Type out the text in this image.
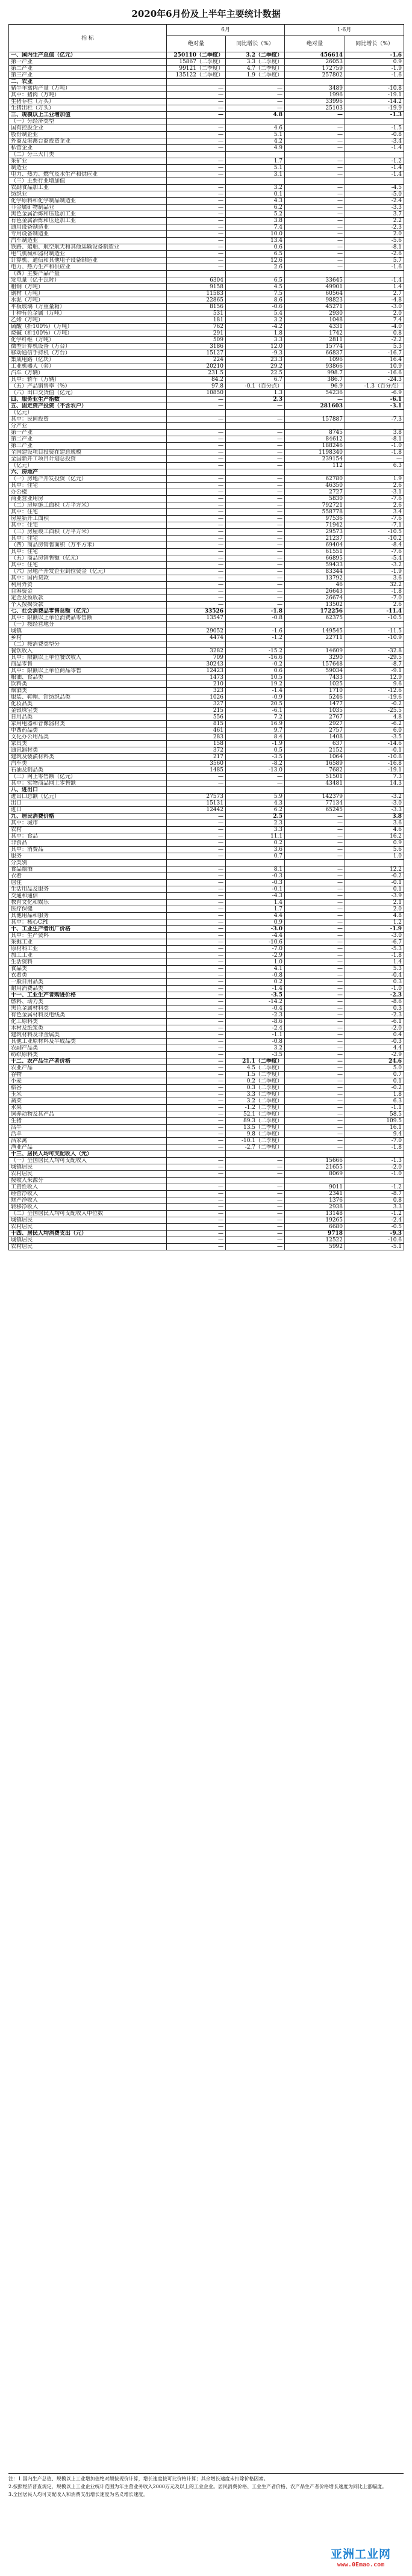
2020年6月份及上半年主要统计数据
指 标	6月		1-6月	
	绝对量	同比增长（%）	绝对量	同比增长（%）
一、国内生产总值（亿元）	250110（二季度）	3.2（二季度）	456614	-1.6
第一产业	15867（二季度）	3.3（二季度）	26053	0.9
第二产业	99121（二季度）	4.7（二季度）	172759	-1.9
第三产业	135122（二季度）	1.9（二季度）	257802	-1.6
二、农业				
猪牛羊禽肉产量（万吨）	—	—	3489	-10.8
其中：猪肉（万吨）	—	—	1996	-19.1
生猪存栏（万头）	—	—	33996	-14.2
生猪出栏（万头）	—	—	25103	-19.9
三、规模以上工业增加值	—	4.8	—	-1.3
（一）分经济类型				
国有控股企业	—	4.6	—	-1.5
股份制企业	—	5.1	—	-0.8
外商及港澳台商投资企业	—	4.2	—	-3.4
私营企业	—	4.9	—	-1.4
（二）分三大门类				
采矿业	—	1.7	—	-1.2
制造业	—	5.1	—	-1.4
电力、热力、燃气及水生产和供应业	—	3.1	—	-1.4
（三）主要行业增加值				
农副食品加工业	—	3.2	—	-4.5
纺织业	—	0.1	—	-5.0
化学原料和化学制品制造业	—	4.3	—	-2.4
非金属矿物制品业	—	6.2	—	-3.3
黑色金属冶炼和压延加工业	—	5.2	—	3.7
有色金属冶炼和压延加工业	—	3.8	—	2.2
通用设备制造业	—	7.4	—	-2.3
专用设备制造业	—	10.0	—	2.0
汽车制造业	—	13.4	—	-5.6
铁路、船舶、航空航天和其他运输设备制造业	—	0.6	—	-8.1
电气机械和器材制造业	—	6.5	—	-2.6
计算机、通信和其他电子设备制造业	—	12.6	—	5.7
电力、热力生产和供应业	—	2.6	—	-1.6
（四）主要产品产量				
发电量（亿千瓦时）	6304	6.5	33645	-1.4
粗钢（万吨）	9158	4.5	49901	1.4
钢材（万吨）	11583	7.5	60564	2.7
水泥（万吨）	22865	8.6	98823	-4.8
平板玻璃（万重量箱）	8156	-0.6	45271	-3.0
十种有色金属（万吨）	531	5.4	2930	2.0
乙烯（万吨）	181	3.2	1048	7.4
硫酸（折100%）（万吨）	762	-4.2	4331	-4.0
烧碱（折100%）（万吨）	291	1.8	1742	0.8
化学纤维（万吨）	509	3.3	2811	-2.2
微型计算机设备（万台）	3186	12.0	15774	5.3
移动通信手持机（万台）	15127	-9.3	66837	-16.7
集成电路（亿块）	224	23.3	1096	16.4
工业机器人（套）	20210	29.2	93866	10.9
汽车（万辆）	231.5	22.5	998.7	-16.6
其中：轿车（万辆）	84.2	6.7	386.7	-24.3
（五）产品销售率（%）	97.8	-0.1（百分点）	96.9	-1.3（百分点）
（六）出口交货值（亿元）	10850	1.3	54236	-6.9
四、服务业生产指数	—	2.3	—	-6.1
五、固定资产投资（不含农户）	—	—	281603	-3.1
（亿元）				
其中：民间投资	—	—	157887	-7.3
分产业				
第一产业	—	—	8745	3.8
第二产业	—	—	84612	-8.1
第三产业	—	—	188246	-1.0
全国建设项目投资在建总规模	—	—	1198340	-1.8
全国新开工项目计划总投资	—	—	239154	—
（亿元）	—	—	112	6.3
六、房地产				
（一）房地产开发投资（亿元）	—	—	62780	1.9
其中：住宅	—	—	46350	2.6
办公楼	—	—	2727	-3.1
商业营业用房	—	—	5830	-7.6
（二）房屋施工面积（万平方米）	—	—	792721	2.6
其中：住宅	—	—	558778	3.4
房屋新开工面积	—	—	97536	-7.6
其中：住宅	—	—	71942	-7.1
（三）房屋竣工面积（万平方米）	—	—	29573	-10.5
其中：住宅	—	—	21237	-10.2
（四）商品房销售面积（万平方米）	—	—	69404	-8.4
其中：住宅	—	—	61551	-7.6
（五）商品房销售额（亿元）	—	—	66895	-5.4
其中：住宅	—	—	59433	-3.2
（六）房地产开发企业到位资金（亿元）	—	—	83344	-1.9
其中：国内贷款	—	—	13792	3.6
利用外资	—	—	46	32.2
自筹资金	—	—	26643	-1.8
定金及预收款	—	—	26674	-7.0
个人按揭贷款	—	—	13502	2.6
七、社会消费品零售总额（亿元）	33526	-1.8	172256	-11.4
其中：限额以上单位消费品零售额	13547	-0.8	62375	-10.5
（一）按经营地分				
城镇	29052	-1.6	149545	-11.5
乡村	4474	-1.2	22711	-10.9
（二）按消费类型分				
餐饮收入	3282	-15.2	14609	-32.8
其中：限额以上单位餐饮收入	709	-16.6	3290	-29.5
商品零售	30243	-0.2	157648	-8.7
其中：限额以上单位商品零售	12423	0.6	59034	-9.1
粮油、食品类	1473	10.5	7433	12.9
饮料类	210	19.2	1025	9.6
烟酒类	323	-1.4	1710	-12.6
服装、鞋帽、针纺织品类	1026	-0.9	5246	-19.6
化妆品类	327	20.5	1477	-0.2
金银珠宝类	215	-6.1	1035	-25.5
日用品类	556	7.2	2767	4.8
家用电器和音像器材类	815	16.9	2927	-6.2
中西药品类	461	9.7	2757	6.0
文化办公用品类	283	8.4	1408	-3.5
家具类	158	-1.9	637	-14.6
通讯器材类	372	0.5	2152	-0.1
建筑及装潢材料类	217	-3.5	1064	-10.8
汽车类	3560	-8.2	16589	-16.8
石油及制品类	1485	-13.0	7682	-19.1
（三）网上零售额（亿元）	—	—	51501	7.3
其中：实物商品网上零售额	—	—	43481	14.3
八、进出口				
进出口总额（亿元）	27573	5.9	142379	-3.2
出口	15131	4.3	77134	-3.0
进口	12442	6.2	65245	-3.3
九、居民消费价格	—	2.5	—	3.8
其中：城市	—	2.3	—	3.6
农村	—	3.3	—	4.6
其中：食品	—	11.1	—	16.2
非食品	—	0.2	—	0.9
其中：消费品	—	3.6	—	5.6
服务	—	0.7	—	1.0
分类别				
食品烟酒	—	8.1	—	12.2
衣着	—	-0.3	—	-0.2
居住	—	-0.3	—	-0.1
生活用品及服务	—	-0.1	—	0.1
交通和通信	—	-4.3	—	-3.9
教育文化和娱乐	—	1.4	—	2.1
医疗保健	—	1.7	—	2.0
其他用品和服务	—	4.4	—	4.8
其中：核心CPI	—	0.9	—	1.2
十、工业生产者出厂价格	—	-3.0	—	-1.9
其中：生产资料	—	-4.4	—	-3.0
采掘工业	—	-10.6	—	-6.7
原材料工业	—	-7.0	—	-5.3
加工工业	—	-2.9	—	-1.8
生活资料	—	1.0	—	1.4
食品类	—	4.1	—	5.3
衣着类	—	-0.8	—	-0.4
一般日用品类	—	0.2	—	0.3
耐用消费品类	—	-1.4	—	-1.0
十一、工业生产者购进价格	—	-3.5	—	-2.3
燃料、动力类	—	-14.2	—	-8.6
黑色金属材料类	—	-0.4	—	0.3
有色金属材料及电线类	—	-2.3	—	-2.3
化工原料类	—	-8.6	—	-6.1
木材及纸浆类	—	-2.4	—	-2.0
建筑材料及非金属类	—	-1.1	—	0.4
其他工业原材料及半成品类	—	-0.8	—	-0.3
农副产品类	—	3.2	—	4.4
纺织原料类	—	-3.5	—	-2.9
十二、农产品生产者价格	—	21.1（二季度）	—	24.6
农业产品	—	4.5（二季度）	—	5.0
谷物	—	1.5（二季度）	—	0.7
小麦	—	0.2（二季度）	—	0.1
稻谷	—	0.3（二季度）	—	-0.2
玉米	—	3.3（二季度）	—	1.8
蔬菜	—	3.2（二季度）	—	6.3
水果	—	-1.2（二季度）	—	-1.1
饲养动物及其产品	—	52.1（二季度）	—	58.5
生猪	—	89.3（二季度）	—	109.5
活牛	—	13.5（二季度）	—	16.1
活羊	—	9.8（二季度）	—	9.4
活家禽	—	-10.1（二季度）	—	-7.0
渔业产品	—	-2.7（二季度）	—	-1.8
十三、居民人均可支配收入（元）				
（一）全国居民人均可支配收入	—	—	15666	-1.3
城镇居民	—	—	21655	-2.0
农村居民	—	—	8069	-1.0
按收入来源分				
工资性收入	—	—	9011	-1.2
经营净收入	—	—	2341	-8.7
财产净收入	—	—	1376	0.8
转移净收入	—	—	2938	3.3
（二）全国居民人均可支配收入中位数	—	—	13148	-1.2
城镇居民	—	—	19265	-2.4
农村居民	—	—	6680	-0.5
十四、居民人均消费支出（元）	—	—	9718	-9.3
城镇居民	—	—	12522	-10.6
农村居民	—	—	5992	-5.1

注：1.国内生产总值、规模以上工业增加值绝对额按现价计算，增长速度按可比价格计算；其余增长速度未扣除价格因素。

2.按照经济普查规定，规模以上工业企业统计范围为年主营业务收入2000万元及以上的工业企业。居民消费价格、工业生产者价格、农产品生产者价格增长速度为同比上涨幅度。

3.全国居民人均可支配收入和消费支出增长速度为名义增长速度。

亚洲工业网
www.0Emao.com
